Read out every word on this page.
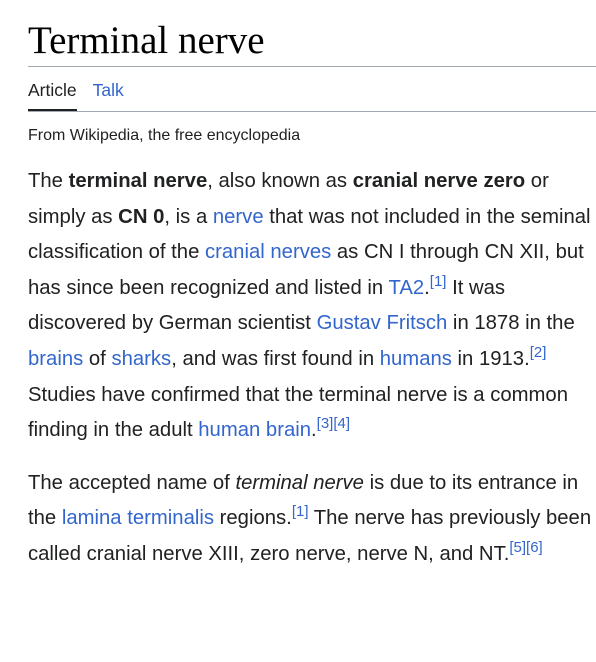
Terminal nerve
Article Talk

From Wikipedia, the free encyclopedia

The terminal nerve, also known as cranial nerve zero or simply as CN 0, is a nerve that was not included in the seminal classification of the cranial nerves as CN I through CN XII, but has since been recognized and listed in TA2.[1] It was discovered by German scientist Gustav Fritsch in 1878 in the brains of sharks, and was first found in humans in 1913.[2] Studies have confirmed that the terminal nerve is a common finding in the adult human brain.[3][4]

The accepted name of terminal nerve is due to its entrance in the lamina terminalis regions.[1] The nerve has previously been called cranial nerve XIII, zero nerve, nerve N, and NT.[5][6]
